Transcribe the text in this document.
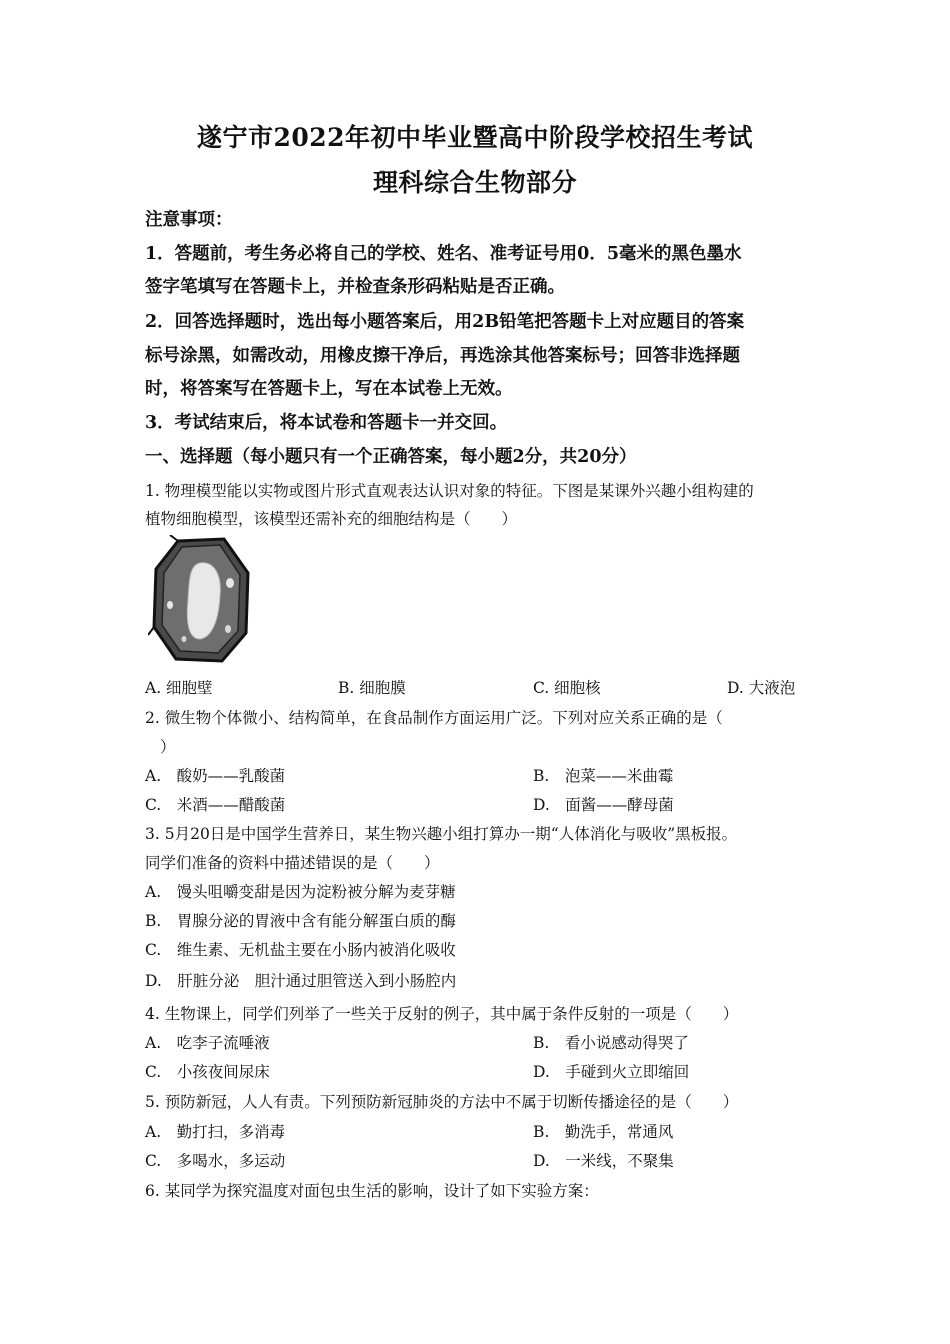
遂宁市2022年初中毕业暨高中阶段学校招生考试
理科综合生物部分
注意事项：
1．答题前，考生务必将自己的学校、姓名、准考证号用0．5毫米的黑色墨水
签字笔填写在答题卡上，并检查条形码粘贴是否正确。
2．回答选择题时，选出每小题答案后，用2B铅笔把答题卡上对应题目的答案
标号涂黑，如需改动，用橡皮擦干净后，再选涂其他答案标号；回答非选择题
时，将答案写在答题卡上，写在本试卷上无效。
3．考试结束后，将本试卷和答题卡一并交回。
一、选择题（每小题只有一个正确答案，每小题2分，共20分）
1. 物理模型能以实物或图片形式直观表达认识对象的特征。下图是某课外兴趣小组构建的
植物细胞模型，该模型还需补充的细胞结构是（　　）
A. 细胞壁	B. 细胞膜	C. 细胞核	D. 大液泡
2. 微生物个体微小、结构简单，在食品制作方面运用广泛。下列对应关系正确的是（
）
A.　酸奶——乳酸菌	B.　泡菜——米曲霉
C.　米酒——醋酸菌	D.　面酱——酵母菌
3. 5月20日是中国学生营养日，某生物兴趣小组打算办一期“人体消化与吸收”黑板报。
同学们准备的资料中描述错误的是（　　）
A.　馒头咀嚼变甜是因为淀粉被分解为麦芽糖
B.　胃腺分泌的胃液中含有能分解蛋白质的酶
C.　维生素、无机盐主要在小肠内被消化吸收
D.　肝脏分泌　胆汁通过胆管送入到小肠腔内
4. 生物课上，同学们列举了一些关于反射的例子，其中属于条件反射的一项是（　　）
A.　吃李子流唾液	B.　看小说感动得哭了
C.　小孩夜间尿床	D.　手碰到火立即缩回
5. 预防新冠，人人有责。下列预防新冠肺炎的方法中不属于切断传播途径的是（　　）
A.　勤打扫，多消毒	B.　勤洗手，常通风
C.　多喝水，多运动	D.　一米线，不聚集
6. 某同学为探究温度对面包虫生活的影响，设计了如下实验方案：
